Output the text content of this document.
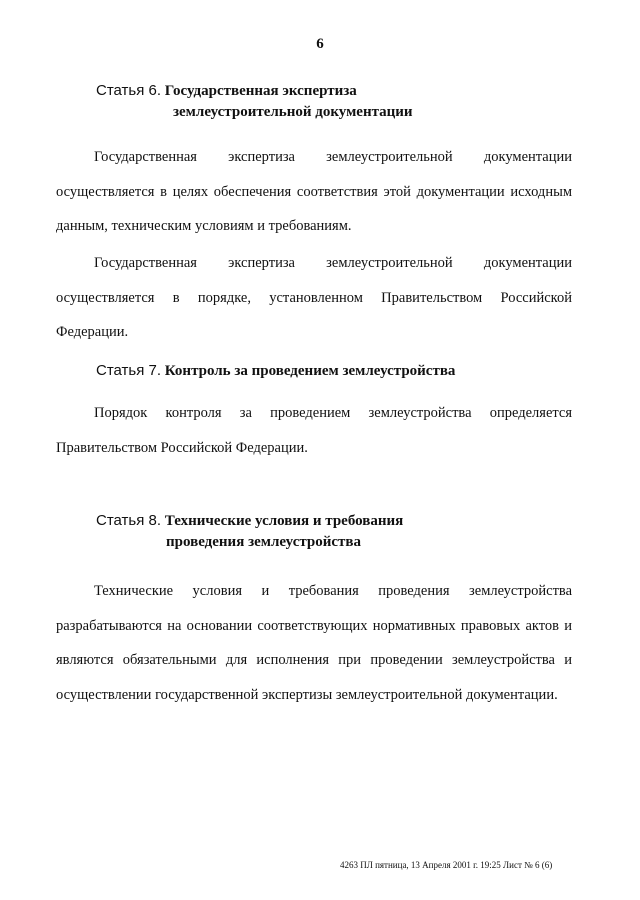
6
Статья 6. Государственная экспертиза
землеустроительной документации

Государственная экспертиза землеустроительной документации осуществляется в целях обеспечения соответствия этой документации исходным данным, техническим условиям и требованиям.

Государственная экспертиза землеустроительной документации осуществляется в порядке, установленном Правительством Российской Федерации.

Статья 7. Контроль за проведением землеустройства

Порядок контроля за проведением землеустройства определяется Правительством Российской Федерации.

Статья 8. Технические условия и требования
проведения землеустройства

Технические условия и требования проведения землеустройства разрабатываются на основании соответствующих нормативных правовых актов и являются обязательными для исполнения при проведении землеустройства и осуществлении государственной экспертизы землеустроительной документации.

4263 ПЛ пятница, 13 Апреля 2001 г. 19:25 Лист № 6 (6)
